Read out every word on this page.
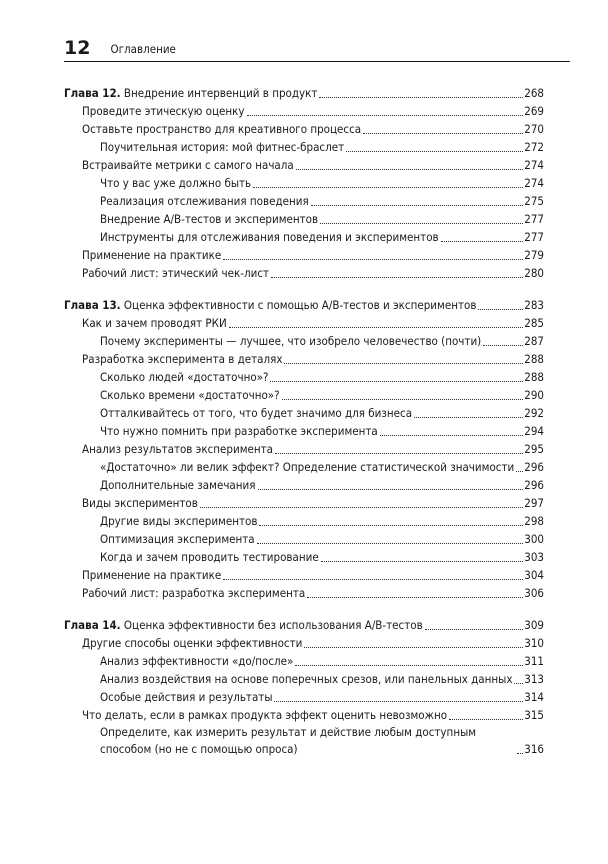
12 Оглавление
Глава 12. Внедрение интервенций в продукт	268
Проведите этическую оценку	269
Оставьте пространство для креативного процесса	270
Поучительная история: мой фитнес-браслет	272
Встраивайте метрики с самого начала	274
Что у вас уже должно быть	274
Реализация отслеживания поведения	275
Внедрение A/B-тестов и экспериментов	277
Инструменты для отслеживания поведения и экспериментов	277
Применение на практике	279
Рабочий лист: этический чек-лист	280
Глава 13. Оценка эффективности с помощью A/B-тестов и экспериментов	283
Как и зачем проводят РКИ	285
Почему эксперименты — лучшее, что изобрело человечество (почти)	287
Разработка эксперимента в деталях	288
Сколько людей «достаточно»?	288
Сколько времени «достаточно»?	290
Отталкивайтесь от того, что будет значимо для бизнеса	292
Что нужно помнить при разработке эксперимента	294
Анализ результатов эксперимента	295
«Достаточно» ли велик эффект? Определение статистической значимости 296
Дополнительные замечания	296
Виды экспериментов	297
Другие виды экспериментов	298
Оптимизация эксперимента	300
Когда и зачем проводить тестирование	303
Применение на практике	304
Рабочий лист: разработка эксперимента	306
Глава 14. Оценка эффективности без использования A/B-тестов	309
Другие способы оценки эффективности	310
Анализ эффективности «до/после»	311
Анализ воздействия на основе поперечных срезов, или панельных данных 313
Особые действия и результаты	314
Что делать, если в рамках продукта эффект оценить невозможно	315
Определите, как измерить результат и действие любым доступным способом (но не с помощью опроса)	316
